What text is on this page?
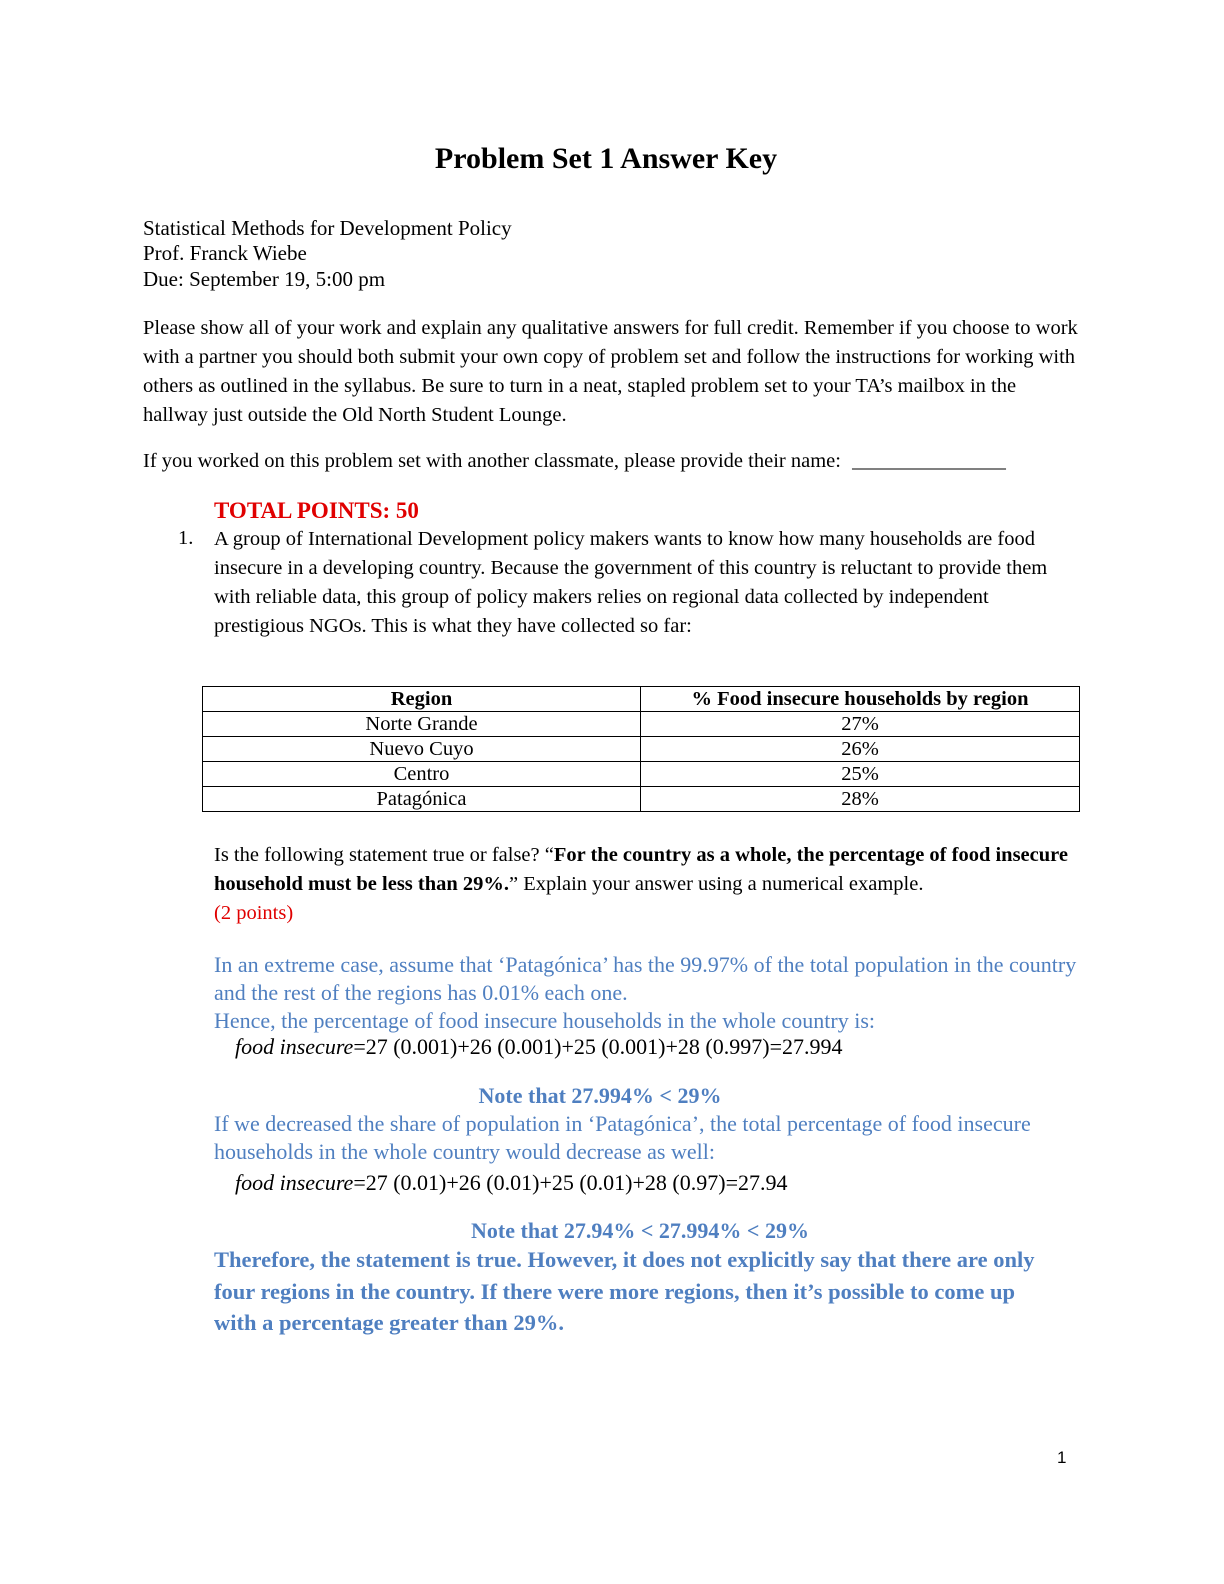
Problem Set 1 Answer Key
Statistical Methods for Development Policy
Prof. Franck Wiebe
Due: September 19, 5:00 pm
Please show all of your work and explain any qualitative answers for full credit. Remember if you choose to work with a partner you should both submit your own copy of problem set and follow the instructions for working with others as outlined in the syllabus. Be sure to turn in a neat, stapled problem set to your TA’s mailbox in the hallway just outside the Old North Student Lounge.
If you worked on this problem set with another classmate, please provide their name: _______________
TOTAL POINTS: 50
1. A group of International Development policy makers wants to know how many households are food insecure in a developing country. Because the government of this country is reluctant to provide them with reliable data, this group of policy makers relies on regional data collected by independent prestigious NGOs. This is what they have collected so far:
Region	% Food insecure households by region
Norte Grande	27%
Nuevo Cuyo	26%
Centro	25%
Patagónica	28%
Is the following statement true or false? “For the country as a whole, the percentage of food insecure household must be less than 29%.” Explain your answer using a numerical example.
(2 points)
In an extreme case, assume that ‘Patagónica’ has the 99.97% of the total population in the country and the rest of the regions has 0.01% each one.
Hence, the percentage of food insecure households in the whole country is:
food insecure=27 (0.001)+26 (0.001)+25 (0.001)+28 (0.997)=27.994
Note that 27.994% < 29%
If we decreased the share of population in ‘Patagónica’, the total percentage of food insecure households in the whole country would decrease as well:
food insecure=27 (0.01)+26 (0.01)+25 (0.01)+28 (0.97)=27.94
Note that 27.94% < 27.994% < 29%
Therefore, the statement is true. However, it does not explicitly say that there are only four regions in the country. If there were more regions, then it’s possible to come up with a percentage greater than 29%.
1
